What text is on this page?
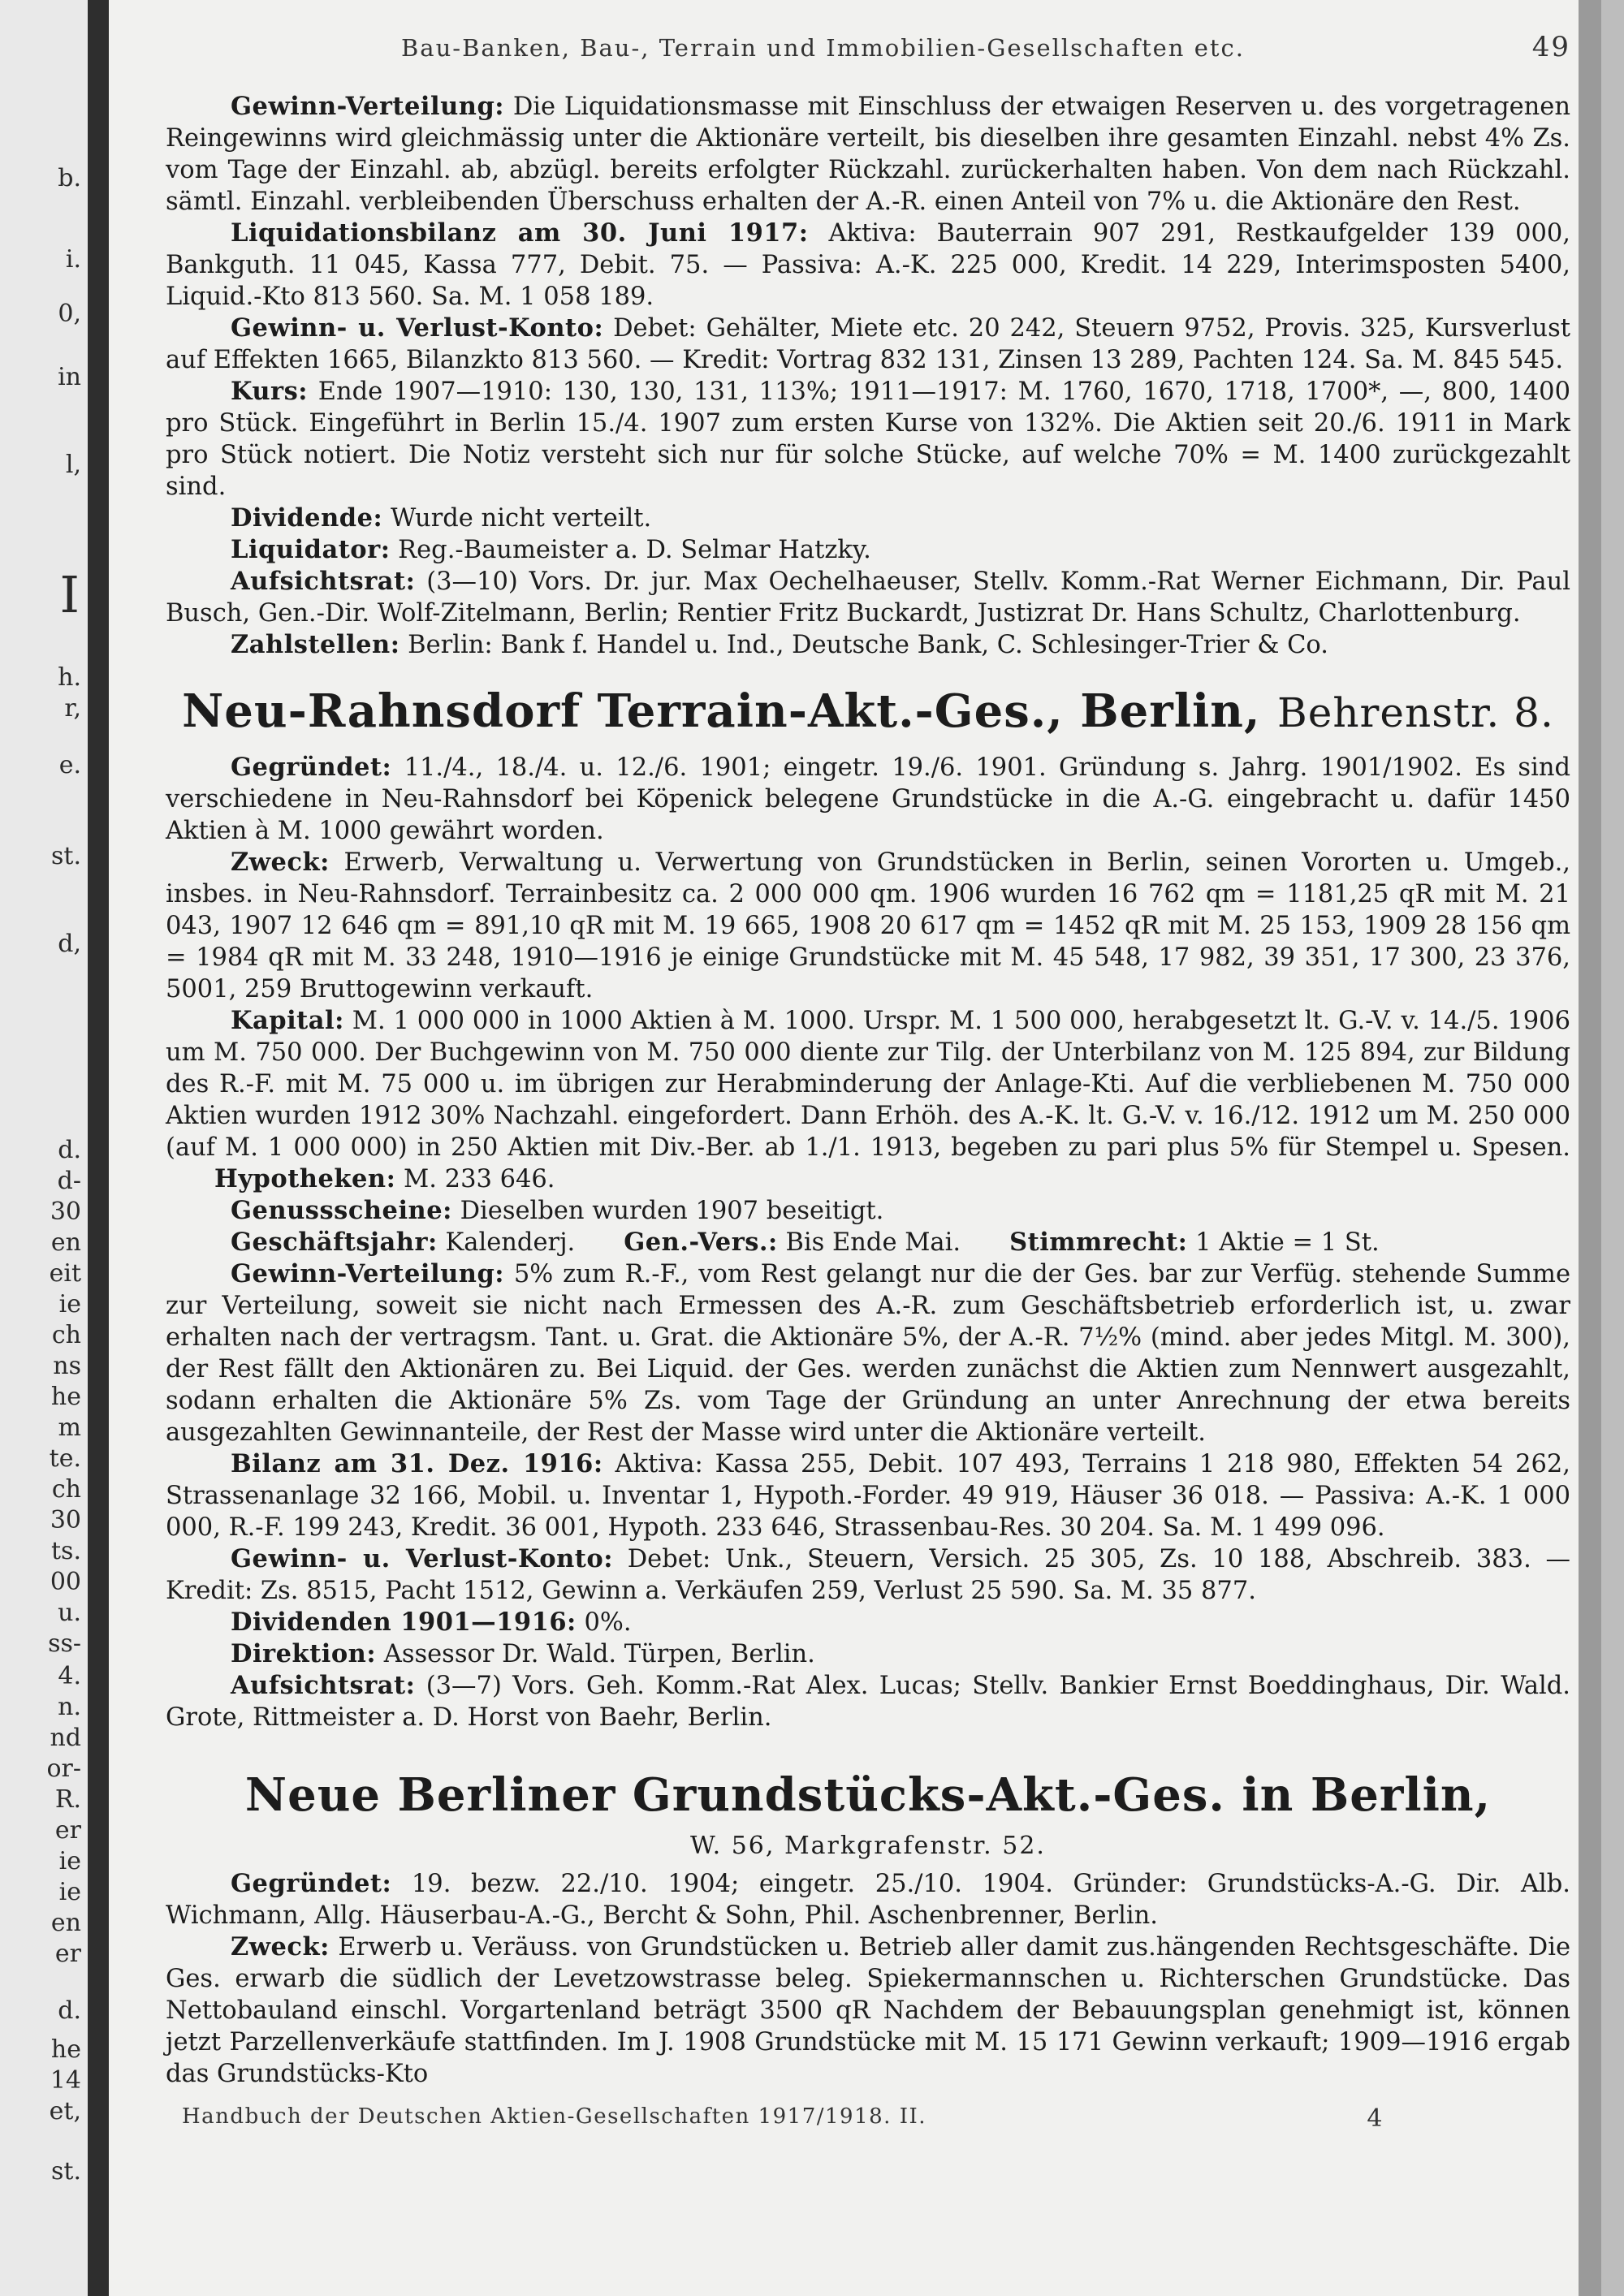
b.
i.
0,
in
l,
I
h.
r,
e.
st.
d,
d.
d-
30
en
eit
ie
ch
ns
he
m
te.
ch
30
ts.
00
u.
ss-
4.
n.
nd
or-
R.
er
ie
ie
en
er
d.
he
14
et,
st.
Bau-Banken, Bau-, Terrain und Immobilien-Gesellschaften etc.	49

Gewinn-Verteilung: Die Liquidationsmasse mit Einschluss der etwaigen Reserven u. des vorgetragenen Reingewinns wird gleichmässig unter die Aktionäre verteilt, bis dieselben ihre gesamten Einzahl. nebst 4% Zs. vom Tage der Einzahl. ab, abzügl. bereits erfolgter Rückzahl. zurückerhalten haben. Von dem nach Rückzahl. sämtl. Einzahl. verbleibenden Überschuss erhalten der A.-R. einen Anteil von 7% u. die Aktionäre den Rest.

Liquidationsbilanz am 30. Juni 1917: Aktiva: Bauterrain 907 291, Restkaufgelder 139 000, Bankguth. 11 045, Kassa 777, Debit. 75. — Passiva: A.-K. 225 000, Kredit. 14 229, Interimsposten 5400, Liquid.-Kto 813 560. Sa. M. 1 058 189.

Gewinn- u. Verlust-Konto: Debet: Gehälter, Miete etc. 20 242, Steuern 9752, Provis. 325, Kursverlust auf Effekten 1665, Bilanzkto 813 560. — Kredit: Vortrag 832 131, Zinsen 13 289, Pachten 124. Sa. M. 845 545.

Kurs: Ende 1907—1910: 130, 130, 131, 113%; 1911—1917: M. 1760, 1670, 1718, 1700*, —, 800, 1400 pro Stück. Eingeführt in Berlin 15./4. 1907 zum ersten Kurse von 132%. Die Aktien seit 20./6. 1911 in Mark pro Stück notiert. Die Notiz versteht sich nur für solche Stücke, auf welche 70% = M. 1400 zurückgezahlt sind.

Dividende: Wurde nicht verteilt.

Liquidator: Reg.-Baumeister a. D. Selmar Hatzky.

Aufsichtsrat: (3—10) Vors. Dr. jur. Max Oechelhaeuser, Stellv. Komm.-Rat Werner Eichmann, Dir. Paul Busch, Gen.-Dir. Wolf-Zitelmann, Berlin; Rentier Fritz Buckardt, Justizrat Dr. Hans Schultz, Charlottenburg.

Zahlstellen: Berlin: Bank f. Handel u. Ind., Deutsche Bank, C. Schlesinger-Trier & Co.

Neu-Rahnsdorf Terrain-Akt.-Ges., Berlin, Behrenstr. 8.

Gegründet: 11./4., 18./4. u. 12./6. 1901; eingetr. 19./6. 1901. Gründung s. Jahrg. 1901/1902. Es sind verschiedene in Neu-Rahnsdorf bei Köpenick belegene Grundstücke in die A.-G. eingebracht u. dafür 1450 Aktien à M. 1000 gewährt worden.

Zweck: Erwerb, Verwaltung u. Verwertung von Grundstücken in Berlin, seinen Vororten u. Umgeb., insbes. in Neu-Rahnsdorf. Terrainbesitz ca. 2 000 000 qm. 1906 wurden 16 762 qm = 1181,25 qR mit M. 21 043, 1907 12 646 qm = 891,10 qR mit M. 19 665, 1908 20 617 qm = 1452 qR mit M. 25 153, 1909 28 156 qm = 1984 qR mit M. 33 248, 1910—1916 je einige Grundstücke mit M. 45 548, 17 982, 39 351, 17 300, 23 376, 5001, 259 Bruttogewinn verkauft.

Kapital: M. 1 000 000 in 1000 Aktien à M. 1000. Urspr. M. 1 500 000, herabgesetzt lt. G.-V. v. 14./5. 1906 um M. 750 000. Der Buchgewinn von M. 750 000 diente zur Tilg. der Unterbilanz von M. 125 894, zur Bildung des R.-F. mit M. 75 000 u. im übrigen zur Herabminderung der Anlage-Kti. Auf die verbliebenen M. 750 000 Aktien wurden 1912 30% Nachzahl. eingefordert. Dann Erhöh. des A.-K. lt. G.-V. v. 16./12. 1912 um M. 250 000 (auf M. 1 000 000) in 250 Aktien mit Div.-Ber. ab 1./1. 1913, begeben zu pari plus 5% für Stempel u. Spesen.Hypotheken: M. 233 646.

Genussscheine: Dieselben wurden 1907 beseitigt.

Geschäftsjahr: Kalenderj. Gen.-Vers.: Bis Ende Mai. Stimmrecht: 1 Aktie = 1 St.

Gewinn-Verteilung: 5% zum R.-F., vom Rest gelangt nur die der Ges. bar zur Verfüg. stehende Summe zur Verteilung, soweit sie nicht nach Ermessen des A.-R. zum Geschäftsbetrieb erforderlich ist, u. zwar erhalten nach der vertragsm. Tant. u. Grat. die Aktionäre 5%, der A.-R. 7½% (mind. aber jedes Mitgl. M. 300), der Rest fällt den Aktionären zu. Bei Liquid. der Ges. werden zunächst die Aktien zum Nennwert ausgezahlt, sodann erhalten die Aktionäre 5% Zs. vom Tage der Gründung an unter Anrechnung der etwa bereits ausgezahlten Gewinnanteile, der Rest der Masse wird unter die Aktionäre verteilt.

Bilanz am 31. Dez. 1916: Aktiva: Kassa 255, Debit. 107 493, Terrains 1 218 980, Effekten 54 262, Strassenanlage 32 166, Mobil. u. Inventar 1, Hypoth.-Forder. 49 919, Häuser 36 018. — Passiva: A.-K. 1 000 000, R.-F. 199 243, Kredit. 36 001, Hypoth. 233 646, Strassenbau-Res. 30 204. Sa. M. 1 499 096.

Gewinn- u. Verlust-Konto: Debet: Unk., Steuern, Versich. 25 305, Zs. 10 188, Abschreib. 383. — Kredit: Zs. 8515, Pacht 1512, Gewinn a. Verkäufen 259, Verlust 25 590. Sa. M. 35 877.

Dividenden 1901—1916: 0%.

Direktion: Assessor Dr. Wald. Türpen, Berlin.

Aufsichtsrat: (3—7) Vors. Geh. Komm.-Rat Alex. Lucas; Stellv. Bankier Ernst Boeddinghaus, Dir. Wald. Grote, Rittmeister a. D. Horst von Baehr, Berlin.

Neue Berliner Grundstücks-Akt.-Ges. in Berlin,
W. 56, Markgrafenstr. 52.

Gegründet: 19. bezw. 22./10. 1904; eingetr. 25./10. 1904. Gründer: Grundstücks-A.-G. Dir. Alb. Wichmann, Allg. Häuserbau-A.-G., Bercht & Sohn, Phil. Aschenbrenner, Berlin.

Zweck: Erwerb u. Veräuss. von Grundstücken u. Betrieb aller damit zus.hängenden Rechtsgeschäfte. Die Ges. erwarb die südlich der Levetzowstrasse beleg. Spiekermannschen u. Richterschen Grundstücke. Das Nettobauland einschl. Vorgartenland beträgt 3500 qR Nachdem der Bebauungsplan genehmigt ist, können jetzt Parzellenverkäufe stattfinden. Im J. 1908 Grundstücke mit M. 15 171 Gewinn verkauft; 1909—1916 ergab das Grundstücks-Kto

Handbuch der Deutschen Aktien-Gesellschaften 1917/1918. II.	4
